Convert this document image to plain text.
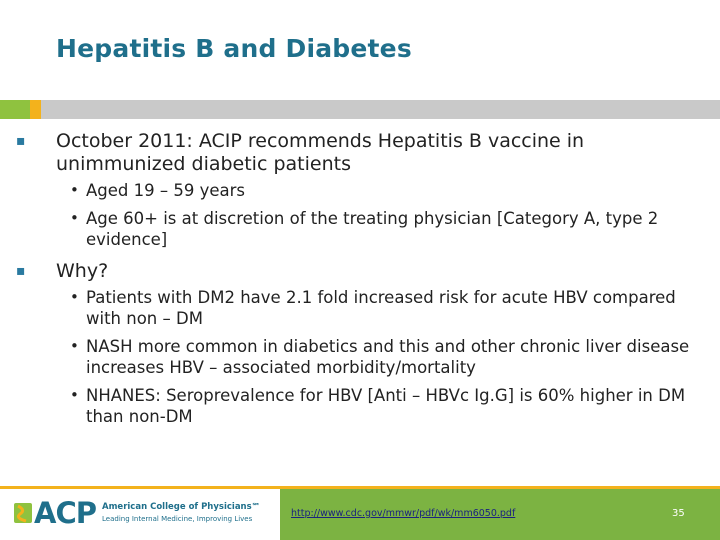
Hepatitis B and Diabetes
▪ October 2011: ACIP recommends Hepatitis B vaccine in unimmunized diabetic patients
• Aged 19 – 59 years
• Age 60+ is at discretion of the treating physician [Category A, type 2 evidence]
▪ Why?
• Patients with DM2 have 2.1 fold increased risk for acute HBV compared with non – DM
• NASH more common in diabetics and this and other chronic liver disease increases HBV – associated morbidity/mortality
• NHANES: Seroprevalence for HBV [Anti – HBVc Ig.G] is 60% higher in DM than non-DM
ACP American College of Physicians℠
Leading Internal Medicine, Improving Lives	http://www.cdc.gov/mmwr/pdf/wk/mm6050.pdf	35
